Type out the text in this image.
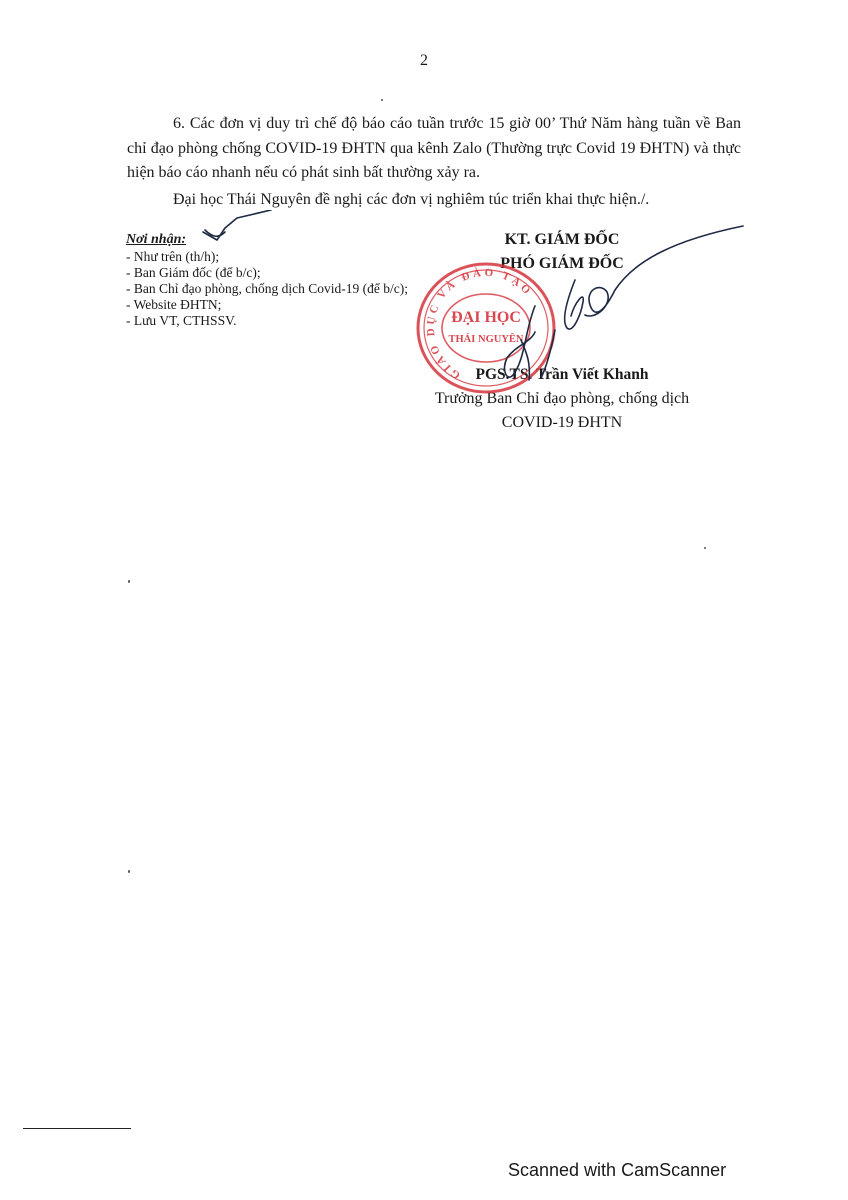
2

6. Các đơn vị duy trì chế độ báo cáo tuần trước 15 giờ 00’ Thứ Năm hàng tuần về Ban chỉ đạo phòng chống COVID-19 ĐHTN qua kênh Zalo (Thường trực Covid 19 ĐHTN) và thực hiện báo cáo nhanh nếu có phát sinh bất thường xảy ra.

Đại học Thái Nguyên đề nghị các đơn vị nghiêm túc triển khai thực hiện./.

Nơi nhận:

- Như trên (th/h);

- Ban Giám đốc (để b/c);

- Ban Chỉ đạo phòng, chống dịch Covid-19 (để b/c);

- Website ĐHTN;

- Lưu VT, CTHSSV.

KT. GIÁM ĐỐC

PHÓ GIÁM ĐỐC

PGS.TS. Trần Viết Khanh
Trưởng Ban Chỉ đạo phòng, chống dịch
COVID-19 ĐHTN
GIÁO DỤC VÀ ĐÀO TẠO
ĐẠI HỌC
THÁI NGUYÊN
Scanned with CamScanner
